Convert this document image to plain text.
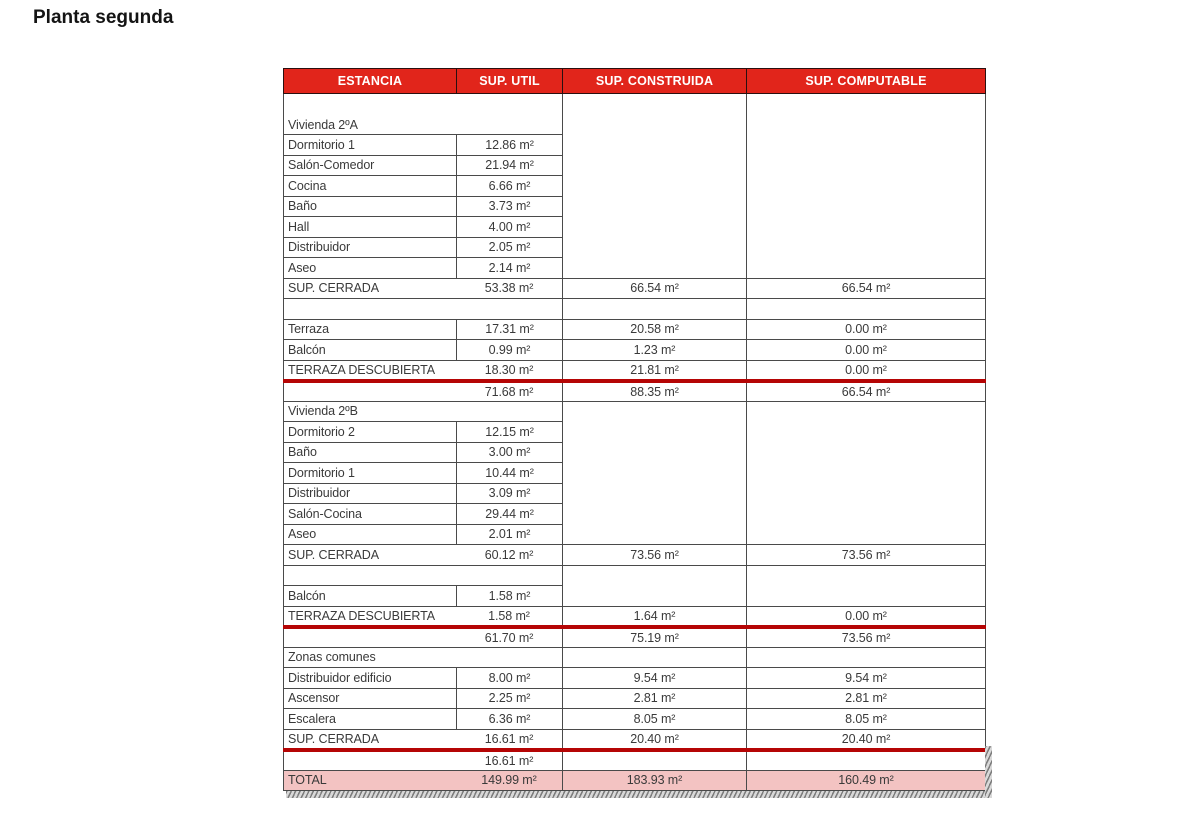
Planta segunda
ESTANCIA	SUP. UTIL	SUP. CONSTRUIDA	SUP. COMPUTABLE

Vivienda 2ºA			

Dormitorio 1	12.86 m²		
Salón-Comedor	21.94 m²		
Cocina	6.66 m²		
Baño	3.73 m²		
Hall	4.00 m²		
Distribuidor	2.05 m²		
Aseo	2.14 m²		

SUP. CERRADA 53.38 m²		66.54 m²	66.54 m²

Terraza	17.31 m²	20.58 m²	0.00 m²
Balcón	0.99 m²	1.23 m²	0.00 m²

TERRAZA DESCUBIERTA 18.30 m²		21.81 m²	0.00 m²

71.68 m²		88.35 m²	66.54 m²

Vivienda 2ºB			

Dormitorio 2	12.15 m²		
Baño	3.00 m²		
Dormitorio 1	10.44 m²		
Distribuidor	3.09 m²		
Salón-Cocina	29.44 m²		
Aseo	2.01 m²		

SUP. CERRADA 60.12 m²		73.56 m²	73.56 m²

Balcón	1.58 m²		

TERRAZA DESCUBIERTA 1.58 m²		1.64 m²	0.00 m²

61.70 m²		75.19 m²	73.56 m²

Zonas comunes			

Distribuidor edificio	8.00 m²	9.54 m²	9.54 m²
Ascensor	2.25 m²	2.81 m²	2.81 m²
Escalera	6.36 m²	8.05 m²	8.05 m²

SUP. CERRADA 16.61 m²		20.40 m²	20.40 m²

16.61 m²			

TOTAL 149.99 m²		183.93 m²	160.49 m²
